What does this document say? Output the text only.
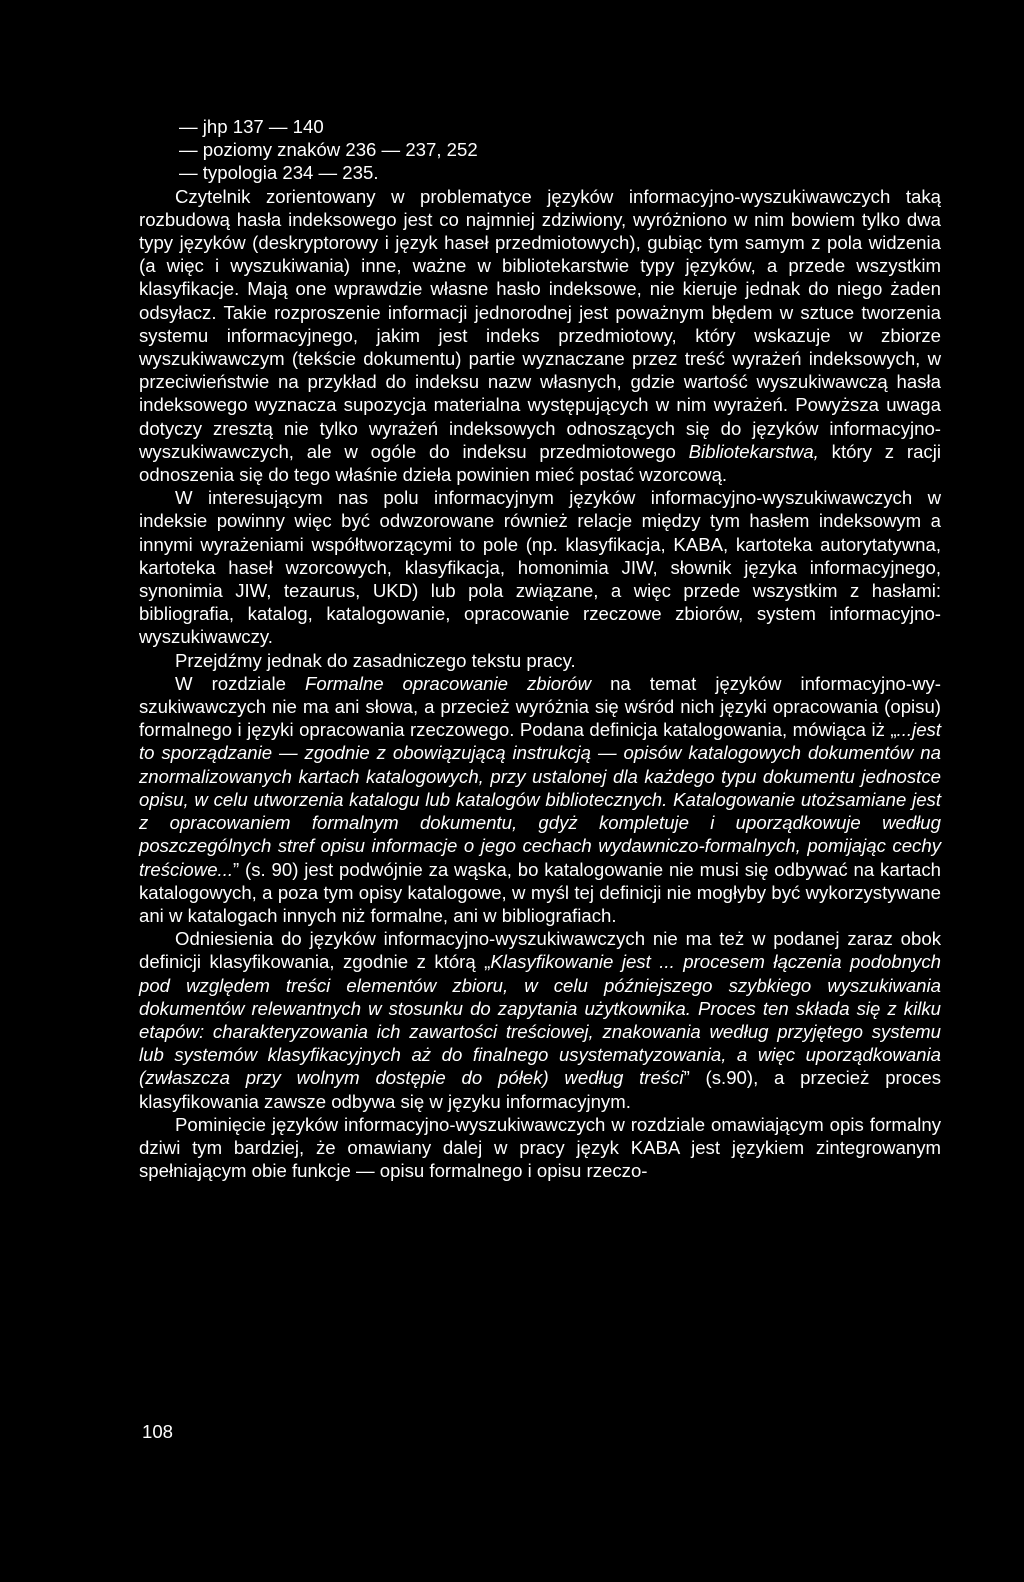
— jhp 137 — 140

— poziomy znaków 236 — 237, 252

— typologia 234 — 235.

Czytelnik zorientowany w problematyce języków informacyjno-wyszukiwawczych taką rozbudową hasła indeksowego jest co najmniej zdziwiony, wyróżniono w nim bowiem tylko dwa typy języków (deskryptorowy i język haseł przedmiotowych), gubiąc tym samym z pola widzenia (a więc i wyszukiwania) inne, ważne w bibliotekarstwie typy języków, a przede wszystkim klasyfikacje. Mają one wprawdzie własne hasło indeksowe, nie kieruje jednak do niego żaden odsyłacz. Takie rozproszenie informacji jednorodnej jest poważnym błędem w sztuce tworzenia systemu informacyjnego, jakim jest indeks przedmiotowy, który wskazuje w zbiorze wyszukiwawczym (tekście dokumentu) partie wyznaczane przez treść wyrażeń indeksowych, w przeciwieństwie na przykład do indeksu nazw własnych, gdzie wartość wyszukiwawczą hasła indeksowego wyznacza supozycja materialna występujących w nim wyrażeń. Powyższa uwaga dotyczy zresztą nie tylko wyrażeń indeksowych odnoszących się do języków informacyjno-wyszukiwawczych, ale w ogóle do indeksu przedmiotowego Bibliotekarstwa, który z racji odnoszenia się do tego właśnie dzieła powinien mieć postać wzorcową.

W interesującym nas polu informacyjnym języków informacyjno-wyszukiwawczych w indeksie powinny więc być odwzorowane również relacje między tym hasłem indeksowym a innymi wyrażeniami współtworzącymi to pole (np. klasyfikacja, KABA, kartoteka autorytatywna, kartoteka haseł wzorcowych, klasyfikacja, homonimia JIW, słownik języka informacyjnego, synonimia JIW, tezaurus, UKD) lub pola związane, a więc przede wszystkim z hasłami: bibliografia, katalog, katalogowanie, opracowanie rzeczowe zbiorów, system informacyjno-wyszukiwawczy.

Przejdźmy jednak do zasadniczego tekstu pracy.

W rozdziale Formalne opracowanie zbiorów na temat języków informacyjno-wyszukiwawczych nie ma ani słowa, a przecież wyróżnia się wśród nich języki opracowania (opisu) formalnego i języki opracowania rzeczowego. Podana definicja katalogowania, mówiąca iż „...jest to sporządzanie — zgodnie z obowiązującą instrukcją — opisów katalogowych dokumentów na znormalizowanych kartach katalogowych, przy ustalonej dla każdego typu dokumentu jednostce opisu, w celu utworzenia katalogu lub katalogów bibliotecznych. Katalogowanie utożsamiane jest z opracowaniem formalnym dokumentu, gdyż kompletuje i uporządkowuje według poszczególnych stref opisu informacje o jego cechach wydawniczo-formalnych, pomijając cechy treściowe...” (s. 90) jest podwójnie za wąska, bo katalogowanie nie musi się odbywać na kartach katalogowych, a poza tym opisy katalogowe, w myśl tej definicji nie mogłyby być wykorzystywane ani w katalogach innych niż formalne, ani w bibliografiach.

Odniesienia do języków informacyjno-wyszukiwawczych nie ma też w podanej zaraz obok definicji klasyfikowania, zgodnie z którą „Klasyfikowanie jest ... procesem łączenia podobnych pod względem treści elementów zbioru, w celu późniejszego szybkiego wyszukiwania dokumentów relewantnych w stosunku do zapytania użytkownika. Proces ten składa się z kilku etapów: charakteryzowania ich zawartości treściowej, znakowania według przyjętego systemu lub systemów klasyfikacyjnych aż do finalnego usystematyzowania, a więc uporządkowania (zwłaszcza przy wolnym dostępie do półek) według treści” (s.90), a przecież proces klasyfikowania zawsze odbywa się w języku informacyjnym.

Pominięcie języków informacyjno-wyszukiwawczych w rozdziale omawiającym opis formalny dziwi tym bardziej, że omawiany dalej w pracy język KABA jest językiem zintegrowanym spełniającym obie funkcje — opisu formalnego i opisu rzeczo-

108
